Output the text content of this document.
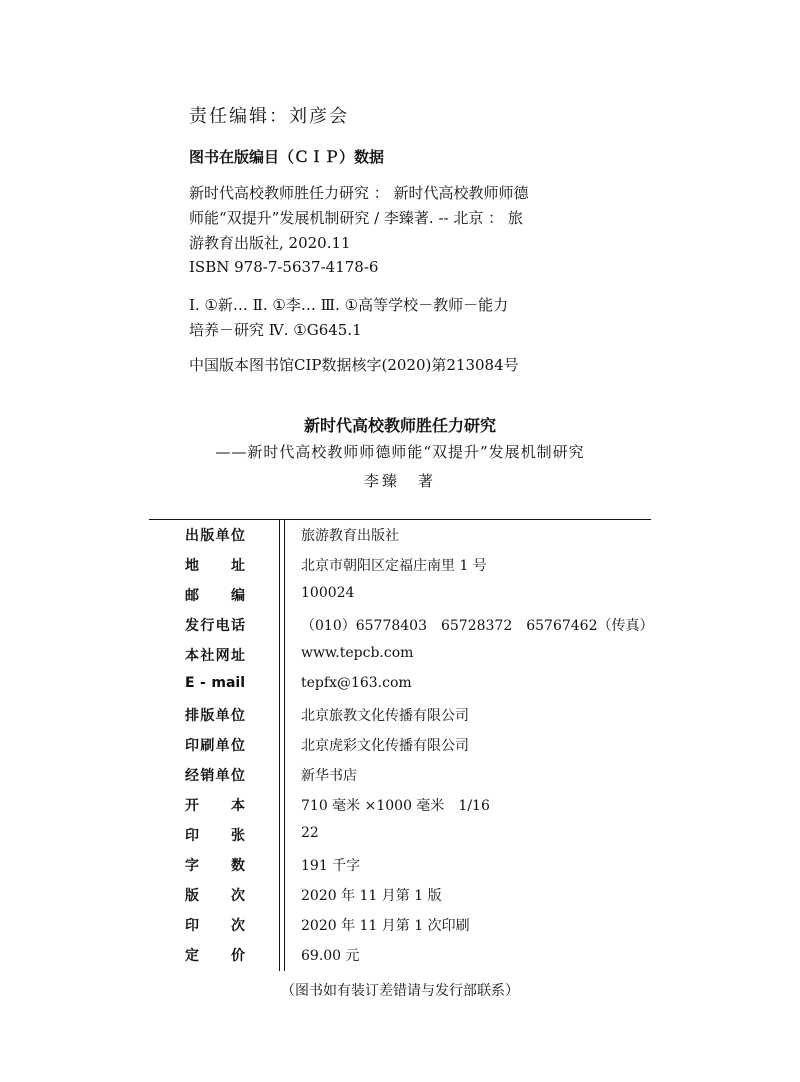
责任编辑：刘彦会
图书在版编目（ＣＩＰ）数据
新时代高校教师胜任力研究 ： 新时代高校教师师德
师能“双提升”发展机制研究 / 李臻著. -- 北京 ： 旅
游教育出版社, 2020.11
ISBN 978-7-5637-4178-6
Ⅰ. ①新… Ⅱ. ①李… Ⅲ. ①高等学校－教师－能力
培养－研究 Ⅳ. ①G645.1
中国版本图书馆CIP数据核字(2020)第213084号
新时代高校教师胜任力研究
——新时代高校教师师德师能“双提升”发展机制研究
李臻　著
出版单位	旅游教育出版社
地址	北京市朝阳区定福庄南里 1 号
邮编	100024
发行电话	（010）65778403　65728372　65767462（传真）
本社网址	www.tepcb.com
E - mail	tepfx@163.com
排版单位	北京旅教文化传播有限公司
印刷单位	北京虎彩文化传播有限公司
经销单位	新华书店
开本	710 毫米 ×1000 毫米　1/16
印张	22
字数	191 千字
版次	2020 年 11 月第 1 版
印次	2020 年 11 月第 1 次印刷
定价	69.00 元
（图书如有装订差错请与发行部联系）
